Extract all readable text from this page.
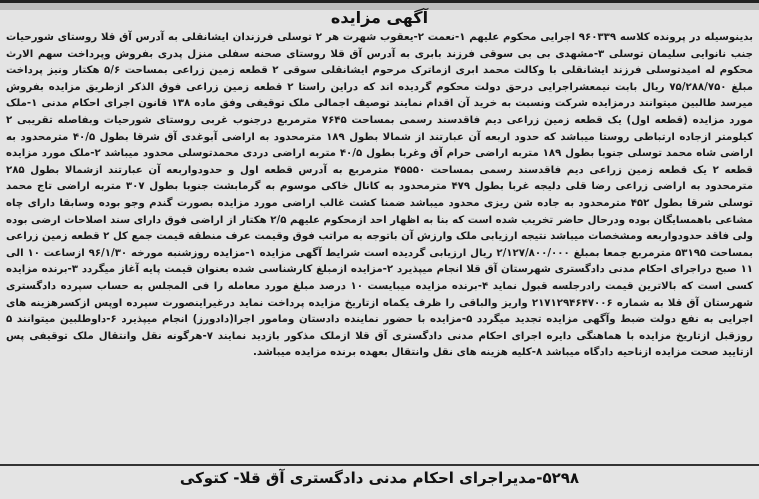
آگهی مزایده

بدینوسیله در پرونده کلاسه ۹۶۰۳۳۹ اجرایی محکوم علیهم ۱-نعمت ۲-یعقوب شهرت هر ۲ توسلی فرزندان ایشانقلی به آدرس آق قلا روستای شورحیات جنب نانوایی سلیمان توسلی ۳-مشهدی بی بی سوقی فرزند بابری به آدرس آق قلا روستای صحنه سفلی منزل پدری بفروش وپرداخت سهم الارث محکوم له امیدتوسلی فرزند ایشانقلی با وکالت محمد ابری ازماترک مرحوم ایشانقلی سوقی ۲ قطعه زمین زراعی بمساحت ۵/۶ هکتار ونیز پرداخت مبلغ ۷۵/۲۸۸/۷۵۰ ریال بابت نیمعشراجرایی درحق دولت محکوم گردیده اند که دراین راستا ۲ قطعه زمین زراعی فوق الذکر ازطریق مزایده بفروش میرسد طالبین میتوانند درمزایده شرکت ونسبت به خرید آن اقدام نمایند توصیف اجمالی ملک توقیفی وفق ماده ۱۳۸ قانون اجرای احکام مدنی ۱-ملک مورد مزایده (قطعه اول) یک قطعه زمین زراعی دیم فاقدسند رسمی بمساحت ۷۶۴۵ مترمربع درجنوب غربی روستای شورحیات وبفاصله تقریبی ۲ کیلومتر ازجاده ارتباطی روستا میباشد که حدود اربعه آن عبارتند از شمالا بطول ۱۸۹ مترمحدود به اراضی آبوغدی آق شرقا بطول ۴۰/۵ مترمحدود به اراضی شاه محمد توسلی جنوبا بطول ۱۸۹ متربه اراضی حرام آق وغربا بطول ۴۰/۵ متربه اراضی دردی محمدتوسلی محدود میباشد ۲-ملک مورد مزایده قطعه ۲ یک قطعه زمین زراعی دیم فاقدسند رسمی بمساحت ۴۵۵۵۰ مترمربع به آدرس قطعه اول و حدودواربعه آن عبارتند ازشمالا بطول ۲۸۵ مترمحدود به اراضی زراعی رضا قلی دلیجه غربا بطول ۴۷۹ مترمحدود به کانال خاکی موسوم به گرمابشت جنوبا بطول ۳۰۷ متربه اراضی تاج محمد توسلی شرقا بطول ۴۵۲ مترمحدود به جاده شن ریزی محدود میباشد ضمنا کشت غالب اراضی مورد مزایده بصورت گندم وجو بوده وسابقا دارای چاه مشاعی باهمسایگان بوده ودرحال حاضر تخریب شده است که بنا به اظهار احد ازمحکوم علیهم ۲/۵ هکتار از اراضی فوق دارای سند اصلاحات ارضی بوده ولی فاقد حدودواربعه ومشخصات میباشد نتیجه ارزیابی ملک وارزش آن باتوجه به مراتب فوق وقیمت عرف منطقه قیمت جمع کل ۲ قطعه زمین زراعی بمساحت ۵۳۱۹۵ مترمربع جمعا بمبلغ ۲/۱۲۷/۸۰۰/۰۰۰ ریال ارزیابی گردیده است شرایط آگهی مزایده ۱-مزایده روزشنبه مورخه ۹۶/۱/۳۰ ازساعت ۱۰ الی ۱۱ صبح دراجرای احکام مدنی دادگستری شهرستان آق قلا انجام میپذیرد ۲-مزایده ازمبلغ کارشناسی شده بعنوان قیمت پایه آغاز میگردد ۳-برنده مزایده کسی است که بالاترین قیمت رادرجلسه قبول نماید ۴-برنده مزایده میبایست ۱۰ درصد مبلغ مورد معامله را فی المجلس به حساب سپرده دادگستری شهرستان آق قلا به شماره ۲۱۷۱۲۹۴۶۴۷۰۰۶ واریز والباقی را ظرف یکماه ازتاریخ مزایده پرداخت نماید درغیراینصورت سپرده اوپس ازکسرهزینه های اجرایی به نفع دولت ضبط وآگهی مزایده تجدید میگردد ۵-مزایده با حضور نماینده دادستان ومامور اجرا(دادورز) انجام میپذیرد ۶-داوطلبین میتوانند ۵ روزقبل ازتاریخ مزایده با هماهنگی دایره اجرای احکام مدنی دادگستری آق قلا ازملک مذکور بازدید نمایند ۷-هرگونه نقل وانتقال ملک توقیفی پس ازتایید صحت مزایده ازناحیه دادگاه میباشد ۸-کلیه هزینه های نقل وانتقال بعهده برنده مزایده میباشد.

۵۲۹۸-مدیراجرای احکام مدنی دادگستری آق قلا- کتوکی
